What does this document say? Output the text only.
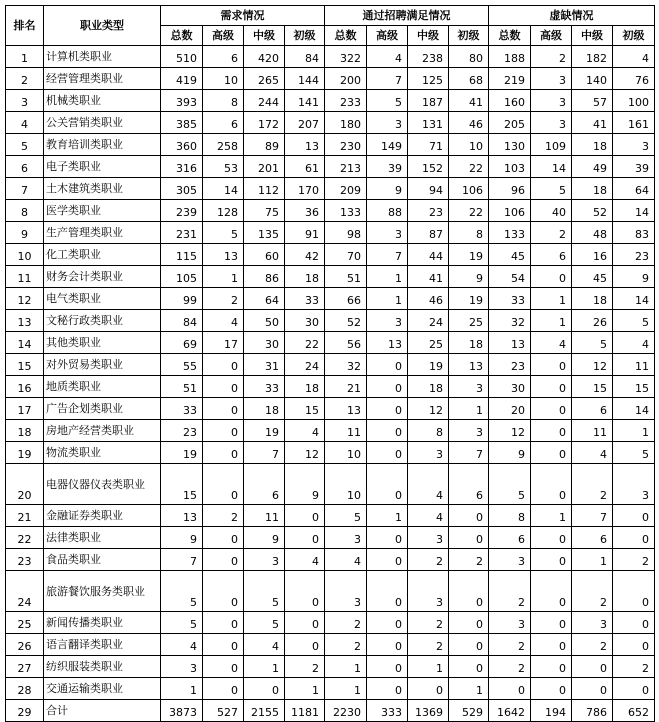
排名	职业类型	需求情况				通过招聘满足情况				虚缺情况			
		总数	高级	中级	初级	总数	高级	中级	初级	总数	高级	中级	初级
1	计算机类职业	510	6	420	84	322	4	238	80	188	2	182	4
2	经营管理类职业	419	10	265	144	200	7	125	68	219	3	140	76
3	机械类职业	393	8	244	141	233	5	187	41	160	3	57	100
4	公关营销类职业	385	6	172	207	180	3	131	46	205	3	41	161
5	教育培训类职业	360	258	89	13	230	149	71	10	130	109	18	3
6	电子类职业	316	53	201	61	213	39	152	22	103	14	49	39
7	土木建筑类职业	305	14	112	170	209	9	94	106	96	5	18	64
8	医学类职业	239	128	75	36	133	88	23	22	106	40	52	14
9	生产管理类职业	231	5	135	91	98	3	87	8	133	2	48	83
10	化工类职业	115	13	60	42	70	7	44	19	45	6	16	23
11	财务会计类职业	105	1	86	18	51	1	41	9	54	0	45	9
12	电气类职业	99	2	64	33	66	1	46	19	33	1	18	14
13	文秘行政类职业	84	4	50	30	52	3	24	25	32	1	26	5
14	其他类职业	69	17	30	22	56	13	25	18	13	4	5	4
15	对外贸易类职业	55	0	31	24	32	0	19	13	23	0	12	11
16	地质类职业	51	0	33	18	21	0	18	3	30	0	15	15
17	广告企划类职业	33	0	18	15	13	0	12	1	20	0	6	14
18	房地产经营类职业	23	0	19	4	11	0	8	3	12	0	11	1
19	物流类职业	19	0	7	12	10	0	3	7	9	0	4	5
20	电器仪器仪表类职业	15	0	6	9	10	0	4	6	5	0	2	3
21	金融证券类职业	13	2	11	0	5	1	4	0	8	1	7	0
22	法律类职业	9	0	9	0	3	0	3	0	6	0	6	0
23	食品类职业	7	0	3	4	4	0	2	2	3	0	1	2
24	旅游餐饮服务类职业	5	0	5	0	3	0	3	0	2	0	2	0
25	新闻传播类职业	5	0	5	0	2	0	2	0	3	0	3	0
26	语言翻译类职业	4	0	4	0	2	0	2	0	2	0	2	0
27	纺织服装类职业	3	0	1	2	1	0	1	0	2	0	0	2
28	交通运输类职业	1	0	0	1	1	0	0	1	0	0	0	0
29	合计	3873	527	2155	1181	2230	333	1369	529	1642	194	786	652
